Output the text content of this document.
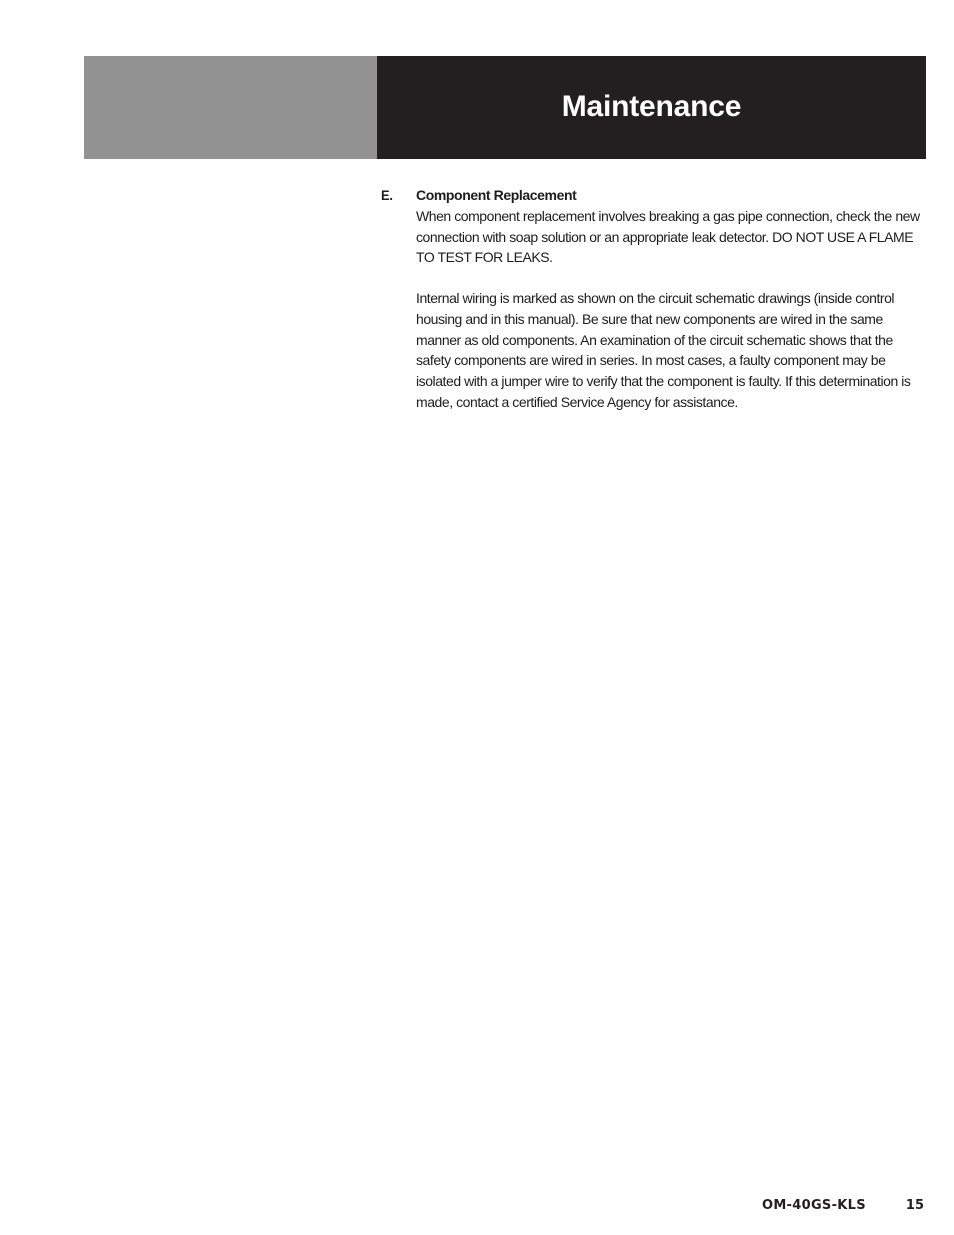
Maintenance
E.	Component Replacement

When component replacement involves breaking a gas pipe connection, check the new connection with soap solution or an appropriate leak detector. DO NOT USE A FLAME TO TEST FOR LEAKS.

Internal wiring is marked as shown on the circuit schematic drawings (inside control housing and in this manual). Be sure that new components are wired in the same manner as old components. An examination of the circuit schematic shows that the safety components are wired in series. In most cases, a faulty component may be isolated with a jumper wire to verify that the component is faulty. If this determination is made, contact a certified Service Agency for assistance.

OM-40GS-KLS	15
